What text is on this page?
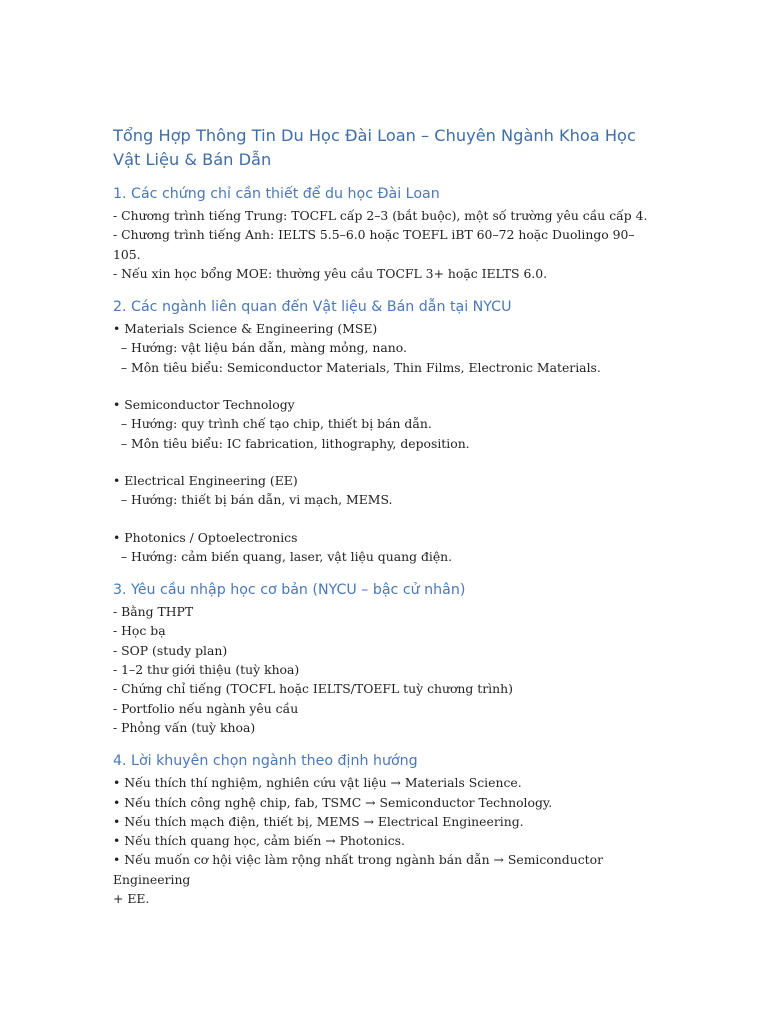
Tổng Hợp Thông Tin Du Học Đài Loan – Chuyên Ngành Khoa Học Vật Liệu & Bán Dẫn
1. Các chứng chỉ cần thiết để du học Đài Loan

- Chương trình tiếng Trung: TOCFL cấp 2–3 (bắt buộc), một số trường yêu cầu cấp 4.

- Chương trình tiếng Anh: IELTS 5.5–6.0 hoặc TOEFL iBT 60–72 hoặc Duolingo 90–105.

- Nếu xin học bổng MOE: thường yêu cầu TOCFL 3+ hoặc IELTS 6.0.

2. Các ngành liên quan đến Vật liệu & Bán dẫn tại NYCU

• Materials Science & Engineering (MSE)

– Hướng: vật liệu bán dẫn, màng mỏng, nano.

– Môn tiêu biểu: Semiconductor Materials, Thin Films, Electronic Materials.

• Semiconductor Technology

– Hướng: quy trình chế tạo chip, thiết bị bán dẫn.

– Môn tiêu biểu: IC fabrication, lithography, deposition.

• Electrical Engineering (EE)

– Hướng: thiết bị bán dẫn, vi mạch, MEMS.

• Photonics / Optoelectronics

– Hướng: cảm biến quang, laser, vật liệu quang điện.

3. Yêu cầu nhập học cơ bản (NYCU – bậc cử nhân)

- Bằng THPT

- Học bạ

- SOP (study plan)

- 1–2 thư giới thiệu (tuỳ khoa)

- Chứng chỉ tiếng (TOCFL hoặc IELTS/TOEFL tuỳ chương trình)

- Portfolio nếu ngành yêu cầu

- Phỏng vấn (tuỳ khoa)

4. Lời khuyên chọn ngành theo định hướng

• Nếu thích thí nghiệm, nghiên cứu vật liệu → Materials Science.

• Nếu thích công nghệ chip, fab, TSMC → Semiconductor Technology.

• Nếu thích mạch điện, thiết bị, MEMS → Electrical Engineering.

• Nếu thích quang học, cảm biến → Photonics.

• Nếu muốn cơ hội việc làm rộng nhất trong ngành bán dẫn → Semiconductor Engineering

+ EE.
